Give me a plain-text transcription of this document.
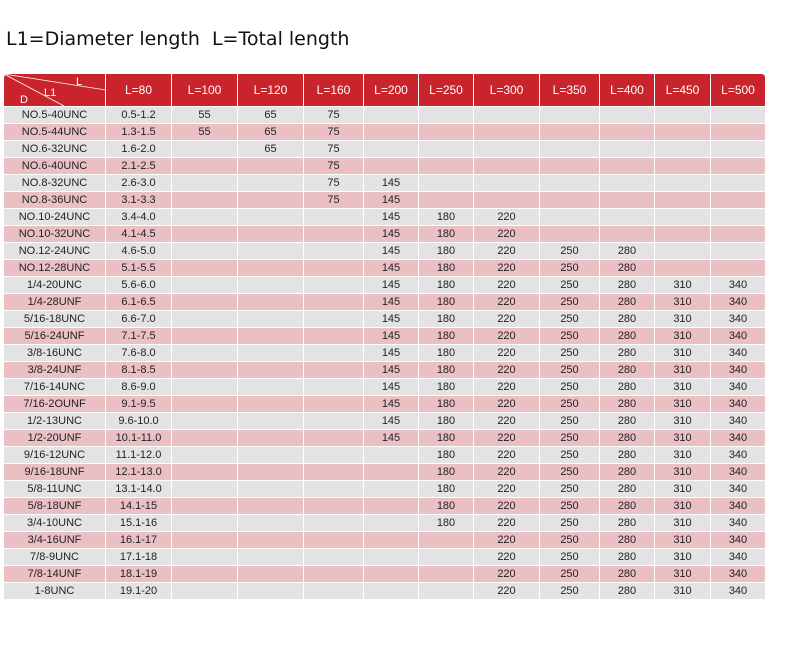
L1=Diameter length  L=Total length
L
L1
D	L=80	L=100	L=120	L=160	L=200	L=250	L=300	L=350	L=400	L=450	L=500
NO.5-40UNC	0.5-1.2	55	65	75							
NO.5-44UNC	1.3-1.5	55	65	75							
NO.6-32UNC	1.6-2.0		65	75							
NO.6-40UNC	2.1-2.5			75							
NO.8-32UNC	2.6-3.0			75	145						
NO.8-36UNC	3.1-3.3			75	145						
NO.10-24UNC	3.4-4.0				145	180	220				
NO.10-32UNC	4.1-4.5				145	180	220				
NO.12-24UNC	4.6-5.0				145	180	220	250	280		
NO.12-28UNC	5.1-5.5				145	180	220	250	280		
1/4-20UNC	5.6-6.0				145	180	220	250	280	310	340
1/4-28UNF	6.1-6.5				145	180	220	250	280	310	340
5/16-18UNC	6.6-7.0				145	180	220	250	280	310	340
5/16-24UNF	7.1-7.5				145	180	220	250	280	310	340
3/8-16UNC	7.6-8.0				145	180	220	250	280	310	340
3/8-24UNF	8.1-8.5				145	180	220	250	280	310	340
7/16-14UNC	8.6-9.0				145	180	220	250	280	310	340
7/16-2OUNF	9.1-9.5				145	180	220	250	280	310	340
1/2-13UNC	9.6-10.0				145	180	220	250	280	310	340
1/2-20UNF	10.1-11.0				145	180	220	250	280	310	340
9/16-12UNC	11.1-12.0					180	220	250	280	310	340
9/16-18UNF	12.1-13.0					180	220	250	280	310	340
5/8-11UNC	13.1-14.0					180	220	250	280	310	340
5/8-18UNF	14.1-15					180	220	250	280	310	340
3/4-10UNC	15.1-16					180	220	250	280	310	340
3/4-16UNF	16.1-17						220	250	280	310	340
7/8-9UNC	17.1-18						220	250	280	310	340
7/8-14UNF	18.1-19						220	250	280	310	340
1-8UNC	19.1-20						220	250	280	310	340
